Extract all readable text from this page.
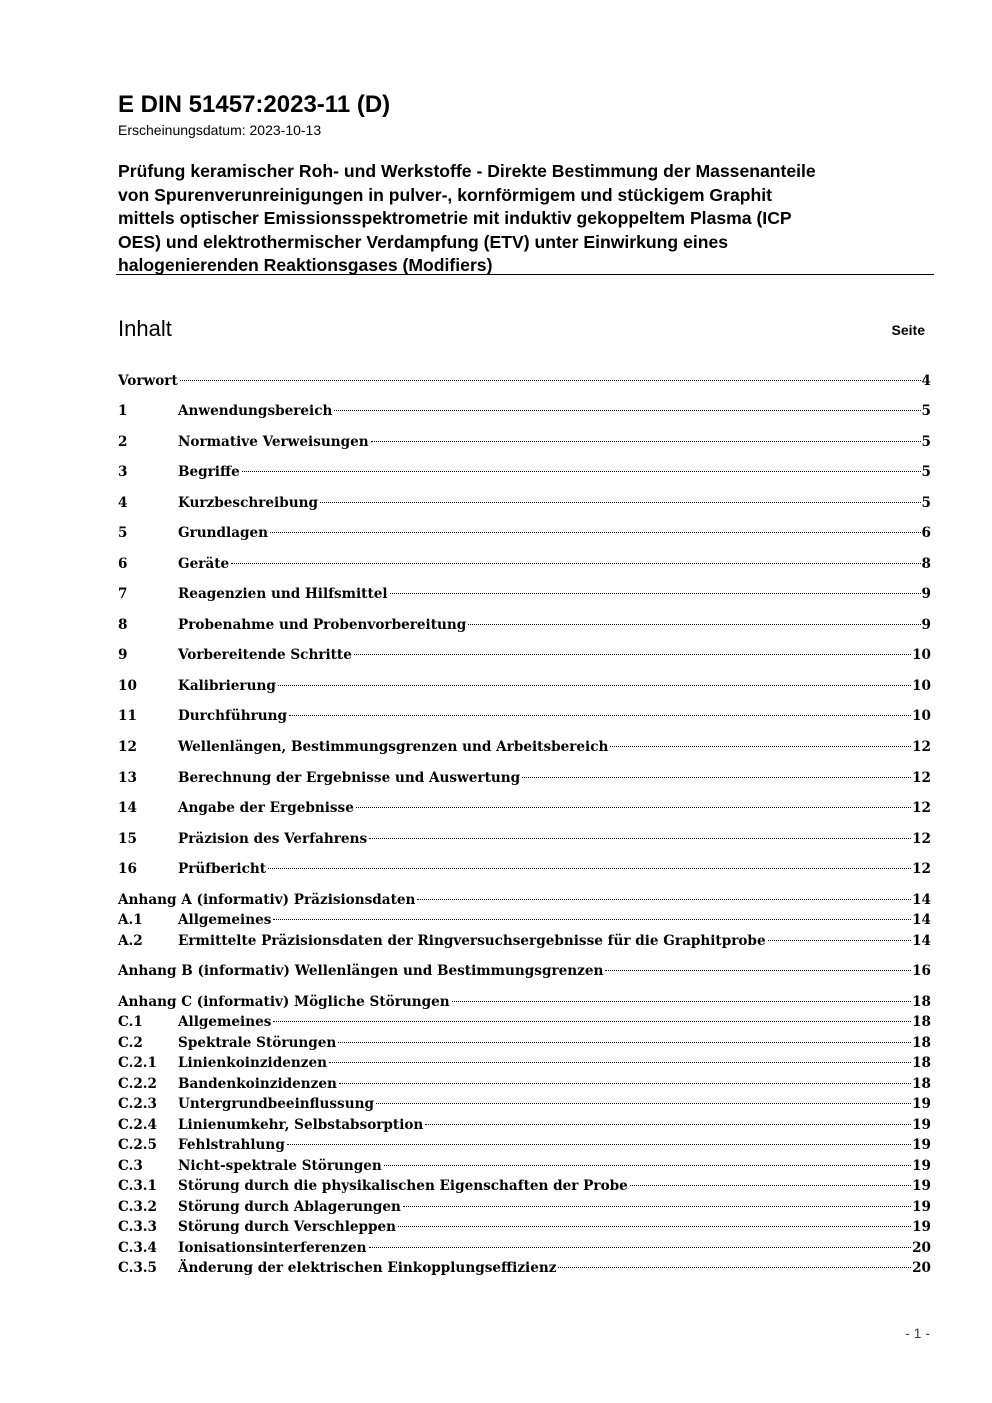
E DIN 51457:2023-11 (D)
Erscheinungsdatum: 2023-10-13
Prüfung keramischer Roh- und Werkstoffe - Direkte Bestimmung der Massenanteile
von Spurenverunreinigungen in pulver-, kornförmigem und stückigem Graphit
mittels optischer Emissionsspektrometrie mit induktiv gekoppeltem Plasma (ICP
OES) und elektrothermischer Verdampfung (ETV) unter Einwirkung eines
halogenierenden Reaktionsgases (Modifiers)
Inhalt	Seite
Vorwort	4
1	Anwendungsbereich	5
2	Normative Verweisungen	5
3	Begriffe	5
4	Kurzbeschreibung	5
5	Grundlagen	6
6	Geräte	8
7	Reagenzien und Hilfsmittel	9
8	Probenahme und Probenvorbereitung	9
9	Vorbereitende Schritte	10
10	Kalibrierung	10
11	Durchführung	10
12	Wellenlängen, Bestimmungsgrenzen und Arbeitsbereich	12
13	Berechnung der Ergebnisse und Auswertung	12
14	Angabe der Ergebnisse	12
15	Präzision des Verfahrens	12
16	Prüfbericht	12
Anhang A (informativ) Präzisionsdaten	14
A.1	Allgemeines	14
A.2	Ermittelte Präzisionsdaten der Ringversuchsergebnisse für die Graphitprobe	14
Anhang B (informativ) Wellenlängen und Bestimmungsgrenzen	16
Anhang C (informativ) Mögliche Störungen	18
C.1	Allgemeines	18
C.2	Spektrale Störungen	18
C.2.1	Linienkoinzidenzen	18
C.2.2	Bandenkoinzidenzen	18
C.2.3	Untergrundbeeinflussung	19
C.2.4	Linienumkehr, Selbstabsorption	19
C.2.5	Fehlstrahlung	19
C.3	Nicht-spektrale Störungen	19
C.3.1	Störung durch die physikalischen Eigenschaften der Probe	19
C.3.2	Störung durch Ablagerungen	19
C.3.3	Störung durch Verschleppen	19
C.3.4	Ionisationsinterferenzen	20
C.3.5	Änderung der elektrischen Einkopplungseffizienz	20
- 1 -
